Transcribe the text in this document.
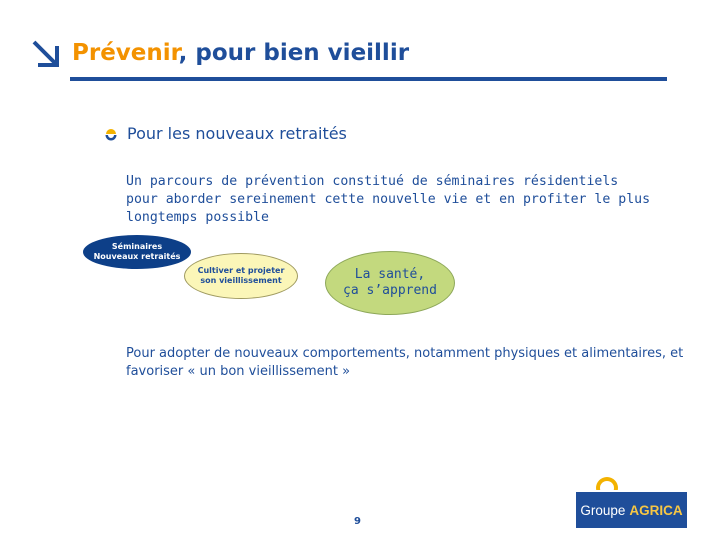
Prévenir, pour bien vieillir
Pour les nouveaux retraités
Un parcours de prévention constitué de séminaires résidentiels
pour aborder sereinement cette nouvelle vie et en profiter le plus
longtemps possible
Séminaires
Nouveaux retraités
Cultiver et projeter
son vieillissement	La santé,
ça s’apprend
Pour adopter de nouveaux comportements, notamment physiques et alimentaires, et favoriser « un bon vieillissement »
9
Groupe AGRICA
